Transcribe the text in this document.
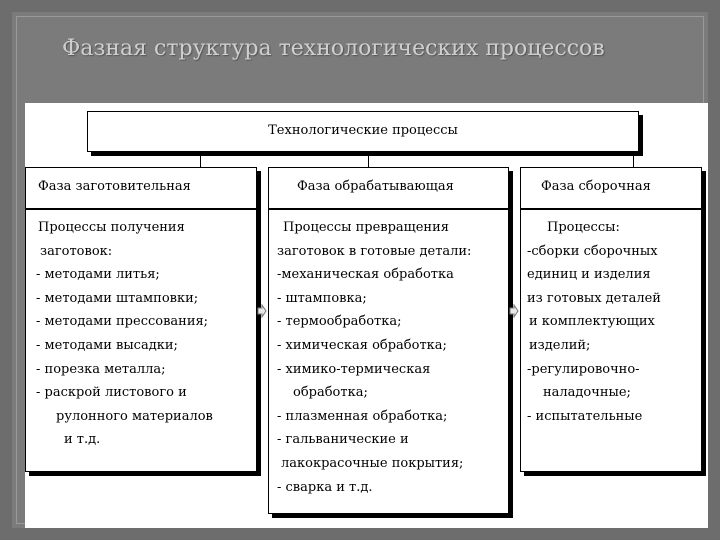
Фазная структура технологических процессов
Технологические процессы
Фаза заготовительная
Процессы получения
заготовок:
- методами литья;
- методами штамповки;
- методами прессования;
- методами высадки;
- порезка металла;
- раскрой листового и
рулонного материалов
и т.д.
Фаза обрабатывающая
Процессы превращения
заготовок в готовые детали:
-механическая обработка
- штамповка;
- термообработка;
- химическая обработка;
- химико-термическая
обработка;
- плазменная обработка;
- гальванические и
лакокрасочные покрытия;
- сварка и т.д.
Фаза сборочная
Процессы:
-сборки сборочных
единиц и изделия
из готовых деталей
и комплектующих
изделий;
-регулировочно-
наладочные;
- испытательные
